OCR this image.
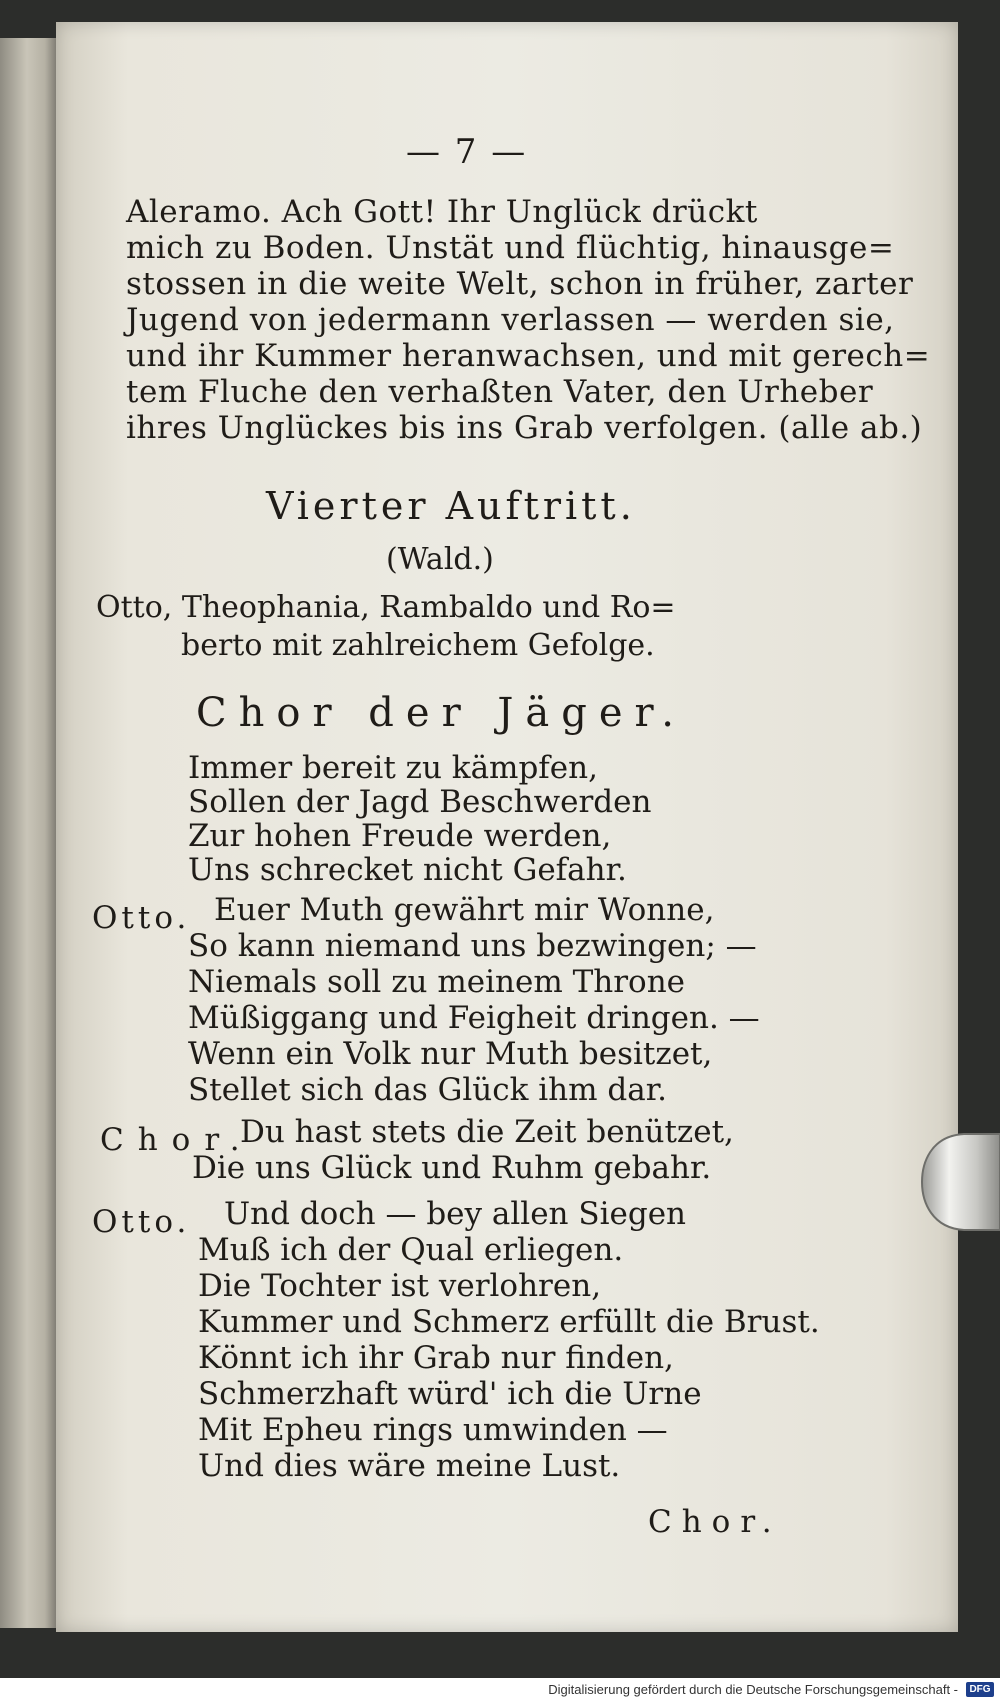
— 7 —
Aleramo. Ach Gott! Ihr Unglück drückt
mich zu Boden. Unstät und flüchtig, hinausge=
stossen in die weite Welt, schon in früher, zarter
Jugend von jedermann verlassen — werden sie,
und ihr Kummer heranwachsen, und mit gerech=
tem Fluche den verhaßten Vater, den Urheber
ihres Unglückes bis ins Grab verfolgen. (alle ab.)
Vierter Auftritt.
(Wald.)
Otto, Theophania, Rambaldo und Ro=
berto mit zahlreichem Gefolge.
Chor der Jäger.
Immer bereit zu kämpfen,
Sollen der Jagd Beschwerden
Zur hohen Freude werden,
Uns schrecket nicht Gefahr.
Otto. Euer Muth gewährt mir Wonne,
So kann niemand uns bezwingen; —
Niemals soll zu meinem Throne
Müßiggang und Feigheit dringen. —
Wenn ein Volk nur Muth besitzet,
Stellet sich das Glück ihm dar.
Chor.
Du hast stets die Zeit benützet,
Die uns Glück und Ruhm gebahr.
Otto. Und doch — bey allen Siegen
Muß ich der Qual erliegen.
Die Tochter ist verlohren,
Kummer und Schmerz erfüllt die Brust.
Könnt ich ihr Grab nur finden,
Schmerzhaft würd' ich die Urne
Mit Epheu rings umwinden —
Und dies wäre meine Lust.
Chor.
Digitalisierung gefördert durch die Deutsche Forschungsgemeinschaft -	DFG
